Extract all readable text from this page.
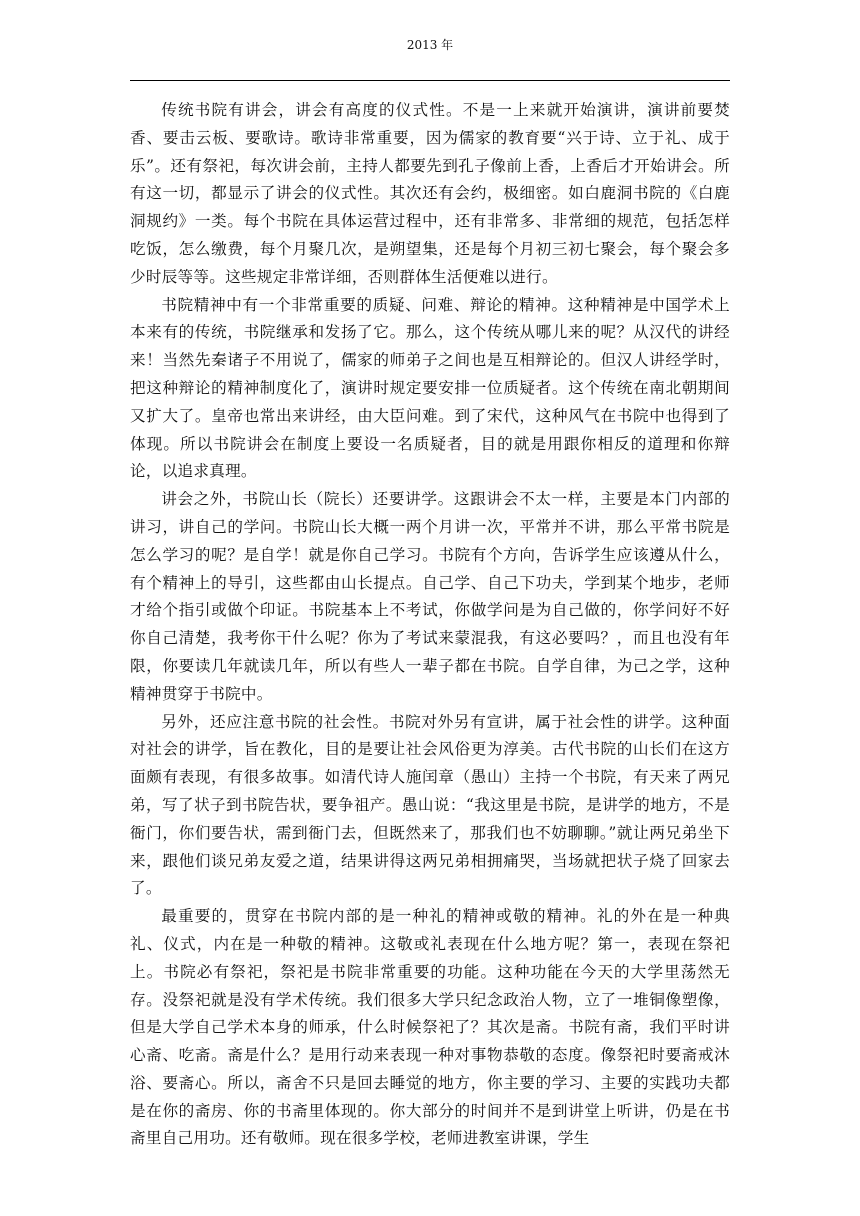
2013 年

传统书院有讲会，讲会有高度的仪式性。不是一上来就开始演讲，演讲前要焚香、要击云板、要歌诗。歌诗非常重要，因为儒家的教育要“兴于诗、立于礼、成于乐”。还有祭祀，每次讲会前，主持人都要先到孔子像前上香，上香后才开始讲会。所有这一切，都显示了讲会的仪式性。其次还有会约，极细密。如白鹿洞书院的《白鹿洞规约》一类。每个书院在具体运营过程中，还有非常多、非常细的规范，包括怎样吃饭，怎么缴费，每个月聚几次，是朔望集，还是每个月初三初七聚会，每个聚会多少时辰等等。这些规定非常详细，否则群体生活便难以进行。

书院精神中有一个非常重要的质疑、问难、辩论的精神。这种精神是中国学术上本来有的传统，书院继承和发扬了它。那么，这个传统从哪儿来的呢？从汉代的讲经来！当然先秦诸子不用说了，儒家的师弟子之间也是互相辩论的。但汉人讲经学时，把这种辩论的精神制度化了，演讲时规定要安排一位质疑者。这个传统在南北朝期间又扩大了。皇帝也常出来讲经，由大臣问难。到了宋代，这种风气在书院中也得到了体现。所以书院讲会在制度上要设一名质疑者，目的就是用跟你相反的道理和你辩论，以追求真理。

讲会之外，书院山长（院长）还要讲学。这跟讲会不太一样，主要是本门内部的讲习，讲自己的学问。书院山长大概一两个月讲一次，平常并不讲，那么平常书院是怎么学习的呢？是自学！就是你自己学习。书院有个方向，告诉学生应该遵从什么，有个精神上的导引，这些都由山长提点。自己学、自己下功夫，学到某个地步，老师才给个指引或做个印证。书院基本上不考试，你做学问是为自己做的，你学问好不好你自己清楚，我考你干什么呢？你为了考试来蒙混我，有这必要吗？，而且也没有年限，你要读几年就读几年，所以有些人一辈子都在书院。自学自律，为己之学，这种精神贯穿于书院中。

另外，还应注意书院的社会性。书院对外另有宣讲，属于社会性的讲学。这种面对社会的讲学，旨在教化，目的是要让社会风俗更为淳美。古代书院的山长们在这方面颇有表现，有很多故事。如清代诗人施闰章（愚山）主持一个书院，有天来了两兄弟，写了状子到书院告状，要争祖产。愚山说：“我这里是书院，是讲学的地方，不是衙门，你们要告状，需到衙门去，但既然来了，那我们也不妨聊聊。”就让两兄弟坐下来，跟他们谈兄弟友爱之道，结果讲得这两兄弟相拥痛哭，当场就把状子烧了回家去了。

最重要的，贯穿在书院内部的是一种礼的精神或敬的精神。礼的外在是一种典礼、仪式，内在是一种敬的精神。这敬或礼表现在什么地方呢？第一，表现在祭祀上。书院必有祭祀，祭祀是书院非常重要的功能。这种功能在今天的大学里荡然无存。没祭祀就是没有学术传统。我们很多大学只纪念政治人物，立了一堆铜像塑像，但是大学自己学术本身的师承，什么时候祭祀了？其次是斋。书院有斋，我们平时讲心斋、吃斋。斋是什么？是用行动来表现一种对事物恭敬的态度。像祭祀时要斋戒沐浴、要斋心。所以，斋舍不只是回去睡觉的地方，你主要的学习、主要的实践功夫都是在你的斋房、你的书斋里体现的。你大部分的时间并不是到讲堂上听讲，仍是在书斋里自己用功。还有敬师。现在很多学校，老师进教室讲课，学生
